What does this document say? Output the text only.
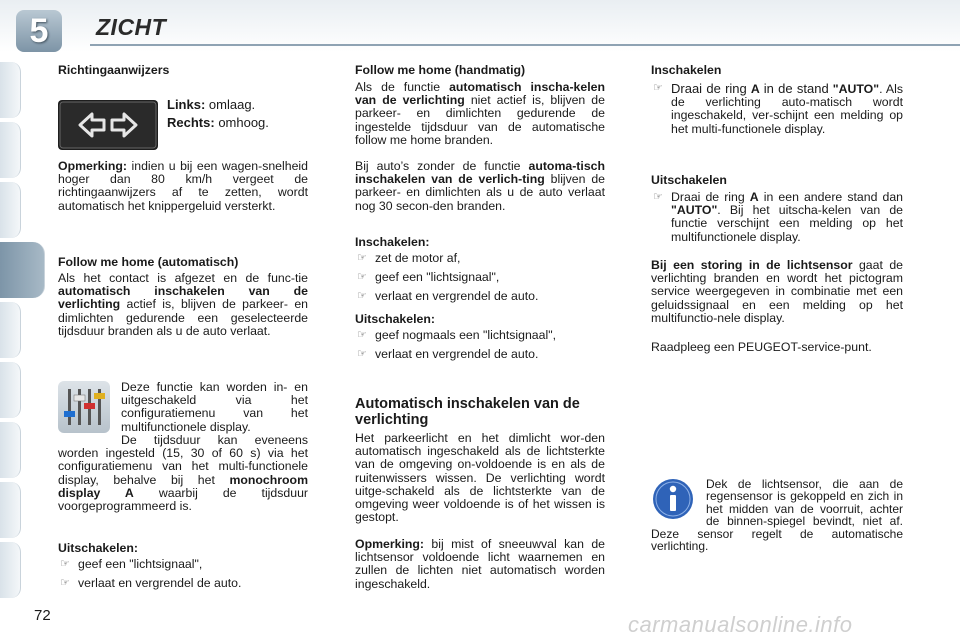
5	ZICHT
Richtingaanwijzers
Links: omlaag.
Rechts: omhoog.
Opmerking: indien u bij een wagen-snelheid hoger dan 80 km/h vergeet de richtingaanwijzers af te zetten, wordt automatisch het knippergeluid versterkt.
Follow me home (automatisch)
Als het contact is afgezet en de func-tie automatisch inschakelen van de verlichting actief is, blijven de parkeer- en dimlichten gedurende een geselecteerde tijdsduur branden als u de auto verlaat.
Deze functie kan worden in- en uitgeschakeld via het configuratiemenu van het multifunctionele display.
De tijdsduur kan eveneens worden ingesteld (15, 30 of 60 s) via het configuratiemenu van het multi-functionele display, behalve bij het monochroom display A waarbij de tijdsduur voorgeprogrammeerd is.
Uitschakelen:
☞ geef een "lichtsignaal",
☞ verlaat en vergrendel de auto.
Follow me home (handmatig)
Als de functie automatisch inscha-kelen van de verlichting niet actief is, blijven de parkeer- en dimlichten gedurende de ingestelde tijdsduur van de automatische follow me home branden.
Bij auto’s zonder de functie automa-tisch inschakelen van de verlich-ting blijven de parkeer- en dimlichten als u de auto verlaat nog 30 secon-den branden.
Inschakelen:
☞ zet de motor af,
☞ geef een "lichtsignaal",
☞ verlaat en vergrendel de auto.
Uitschakelen:
☞ geef nogmaals een "lichtsignaal",
☞ verlaat en vergrendel de auto.
Automatisch inschakelen van de verlichting
Het parkeerlicht en het dimlicht wor-den automatisch ingeschakeld als de lichtsterkte van de omgeving on-voldoende is en als de ruitenwissers wissen. De verlichting wordt uitge-schakeld als de lichtsterkte van de omgeving weer voldoende is of het wissen is gestopt.
Opmerking: bij mist of sneeuwval kan de lichtsensor voldoende licht waarnemen en zullen de lichten niet automatisch worden ingeschakeld.
Inschakelen
☞ Draai de ring A in de stand "AUTO". Als de verlichting auto-matisch wordt ingeschakeld, ver-schijnt een melding op het multi-functionele display.
Uitschakelen
☞ Draai de ring A in een andere stand dan "AUTO". Bij het uitscha-kelen van de functie verschijnt een melding op het multifunctionele display.
Bij een storing in de lichtsensor gaat de verlichting branden en wordt het pictogram service weergegeven in combinatie met een geluidssignaal en een melding op het multifunctio-nele display.
Raadpleeg een PEUGEOT-service-punt.
Dek de lichtsensor, die aan de regensensor is gekoppeld en zich in het midden van de voorruit, achter de binnen-spiegel bevindt, niet af. Deze sensor regelt de automatische verlichting.
72	carmanualsonline.info
